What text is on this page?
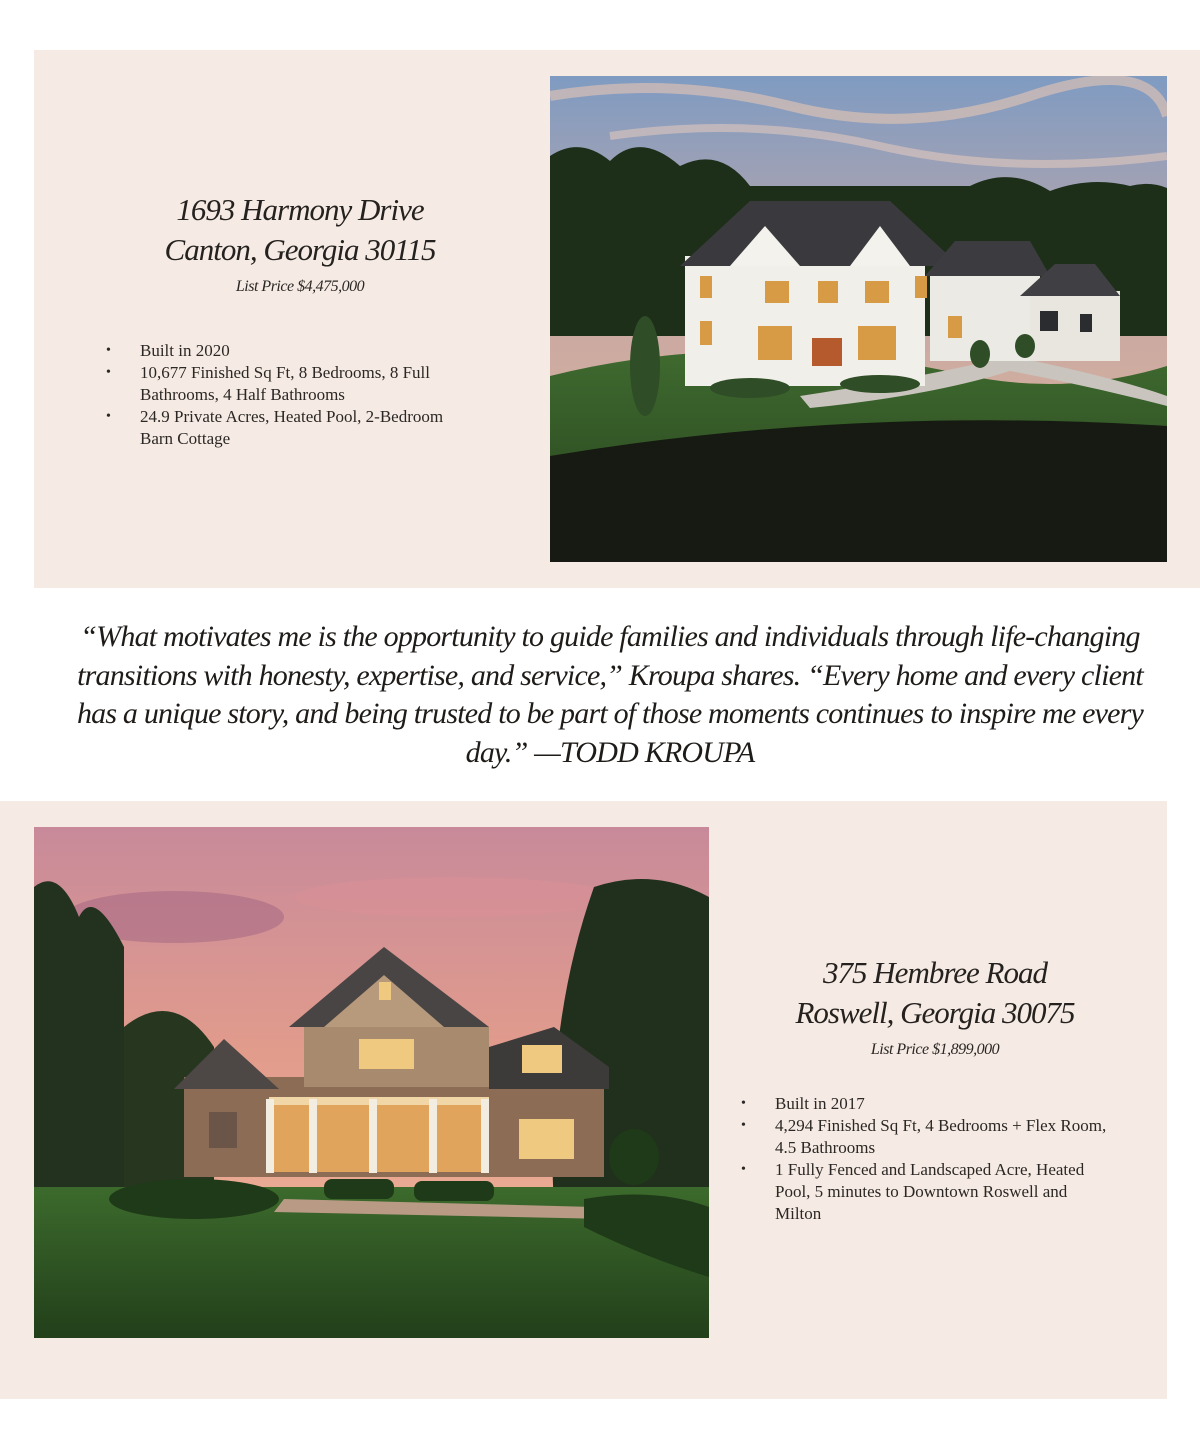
1693 Harmony Drive
Canton, Georgia 30115
List Price $4,475,000
• Built in 2020
• 10,677 Finished Sq Ft, 8 Bedrooms, 8 Full Bathrooms, 4 Half Bathrooms
• 24.9 Private Acres, Heated Pool, 2-Bedroom Barn Cottage
“What motivates me is the opportunity to guide families and individuals through life-changing transitions with honesty, expertise, and service,” Kroupa shares. “Every home and every client has a unique story, and being trusted to be part of those moments continues to inspire me every day.” —TODD KROUPA
375 Hembree Road
Roswell, Georgia 30075
List Price $1,899,000
• Built in 2017
• 4,294 Finished Sq Ft, 4 Bedrooms + Flex Room, 4.5 Bathrooms
• 1 Fully Fenced and Landscaped Acre, Heated Pool, 5 minutes to Downtown Roswell and Milton
